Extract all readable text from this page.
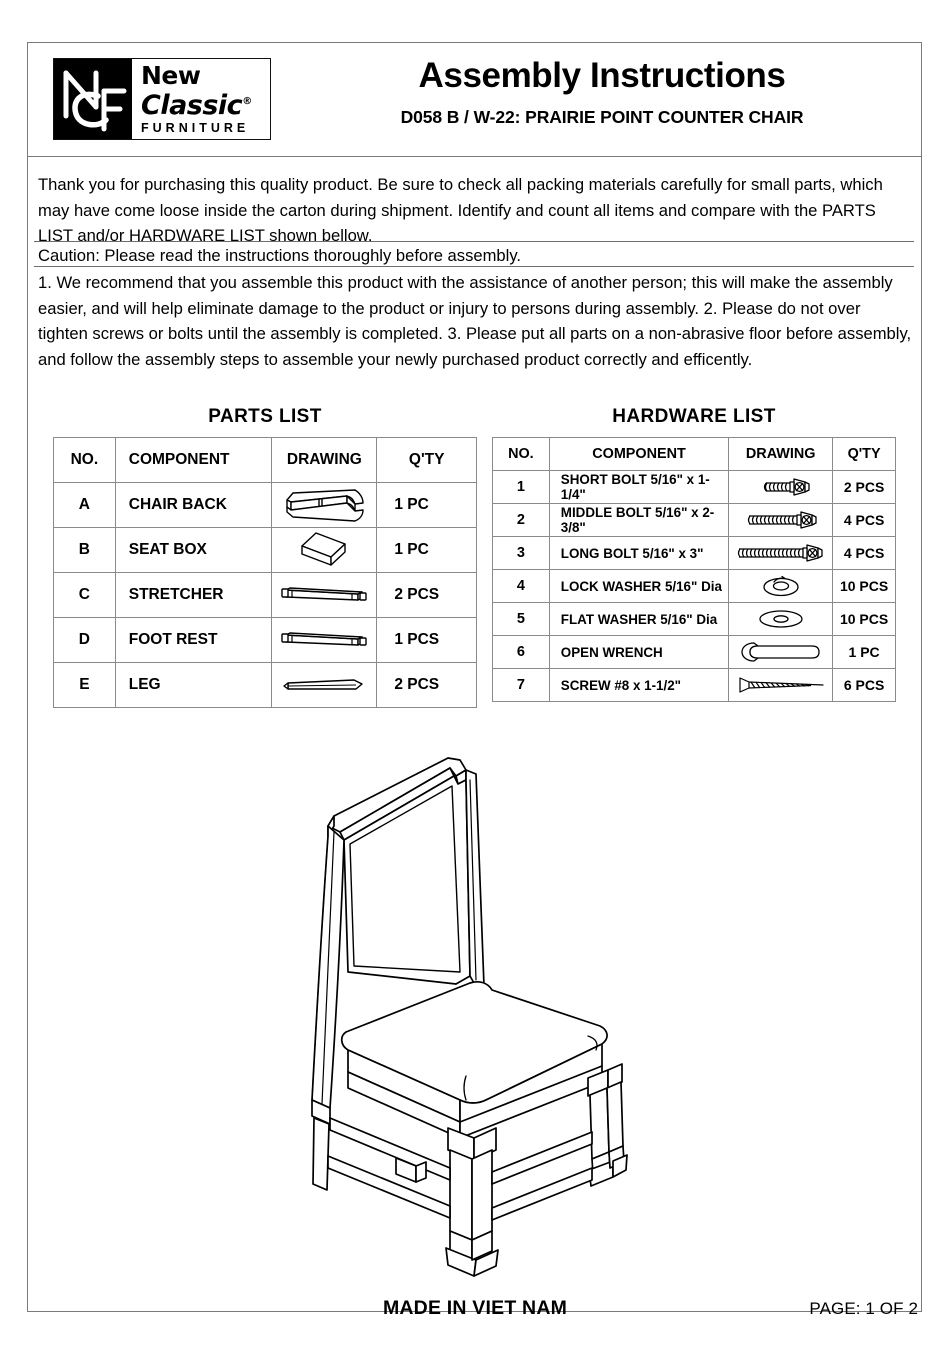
New
Classic®
FURNITURE
Assembly Instructions
D058 B / W-22: PRAIRIE POINT COUNTER CHAIR
Thank you for purchasing this quality product. Be sure to check all packing materials carefully for small parts, which may have come loose inside the carton during shipment. Identify and count all items and compare with the PARTS LIST and/or HARDWARE LIST shown bellow.
Caution: Please read the instructions thoroughly before assembly.
1. We recommend that you assemble this product with the assistance of another person; this will make the assembly easier, and will help eliminate damage to the product or injury to persons during assembly. 2. Please do not over tighten screws or bolts until the assembly is completed. 3. Please put all parts on a non-abrasive floor before assembly, and follow the assembly steps to assemble your newly purchased product correctly and efficently.
PARTS LIST
NO.	COMPONENT	DRAWING	Q'TY
A	CHAIR BACK		1 PC
B	SEAT BOX		1 PC
C	STRETCHER		2 PCS
D	FOOT REST		1 PCS
E	LEG		2 PCS
HARDWARE LIST
NO.	COMPONENT	DRAWING	Q'TY
1	SHORT BOLT 5/16" x 1-1/4"		2 PCS
2	MIDDLE BOLT 5/16" x 2-3/8"		4 PCS
3	LONG BOLT 5/16" x 3"		4 PCS
4	LOCK WASHER 5/16" Dia		10 PCS
5	FLAT WASHER 5/16" Dia		10 PCS
6	OPEN WRENCH		1 PC
7	SCREW #8 x 1-1/2"		6 PCS
MADE IN VIET NAM	PAGE: 1 OF 2
